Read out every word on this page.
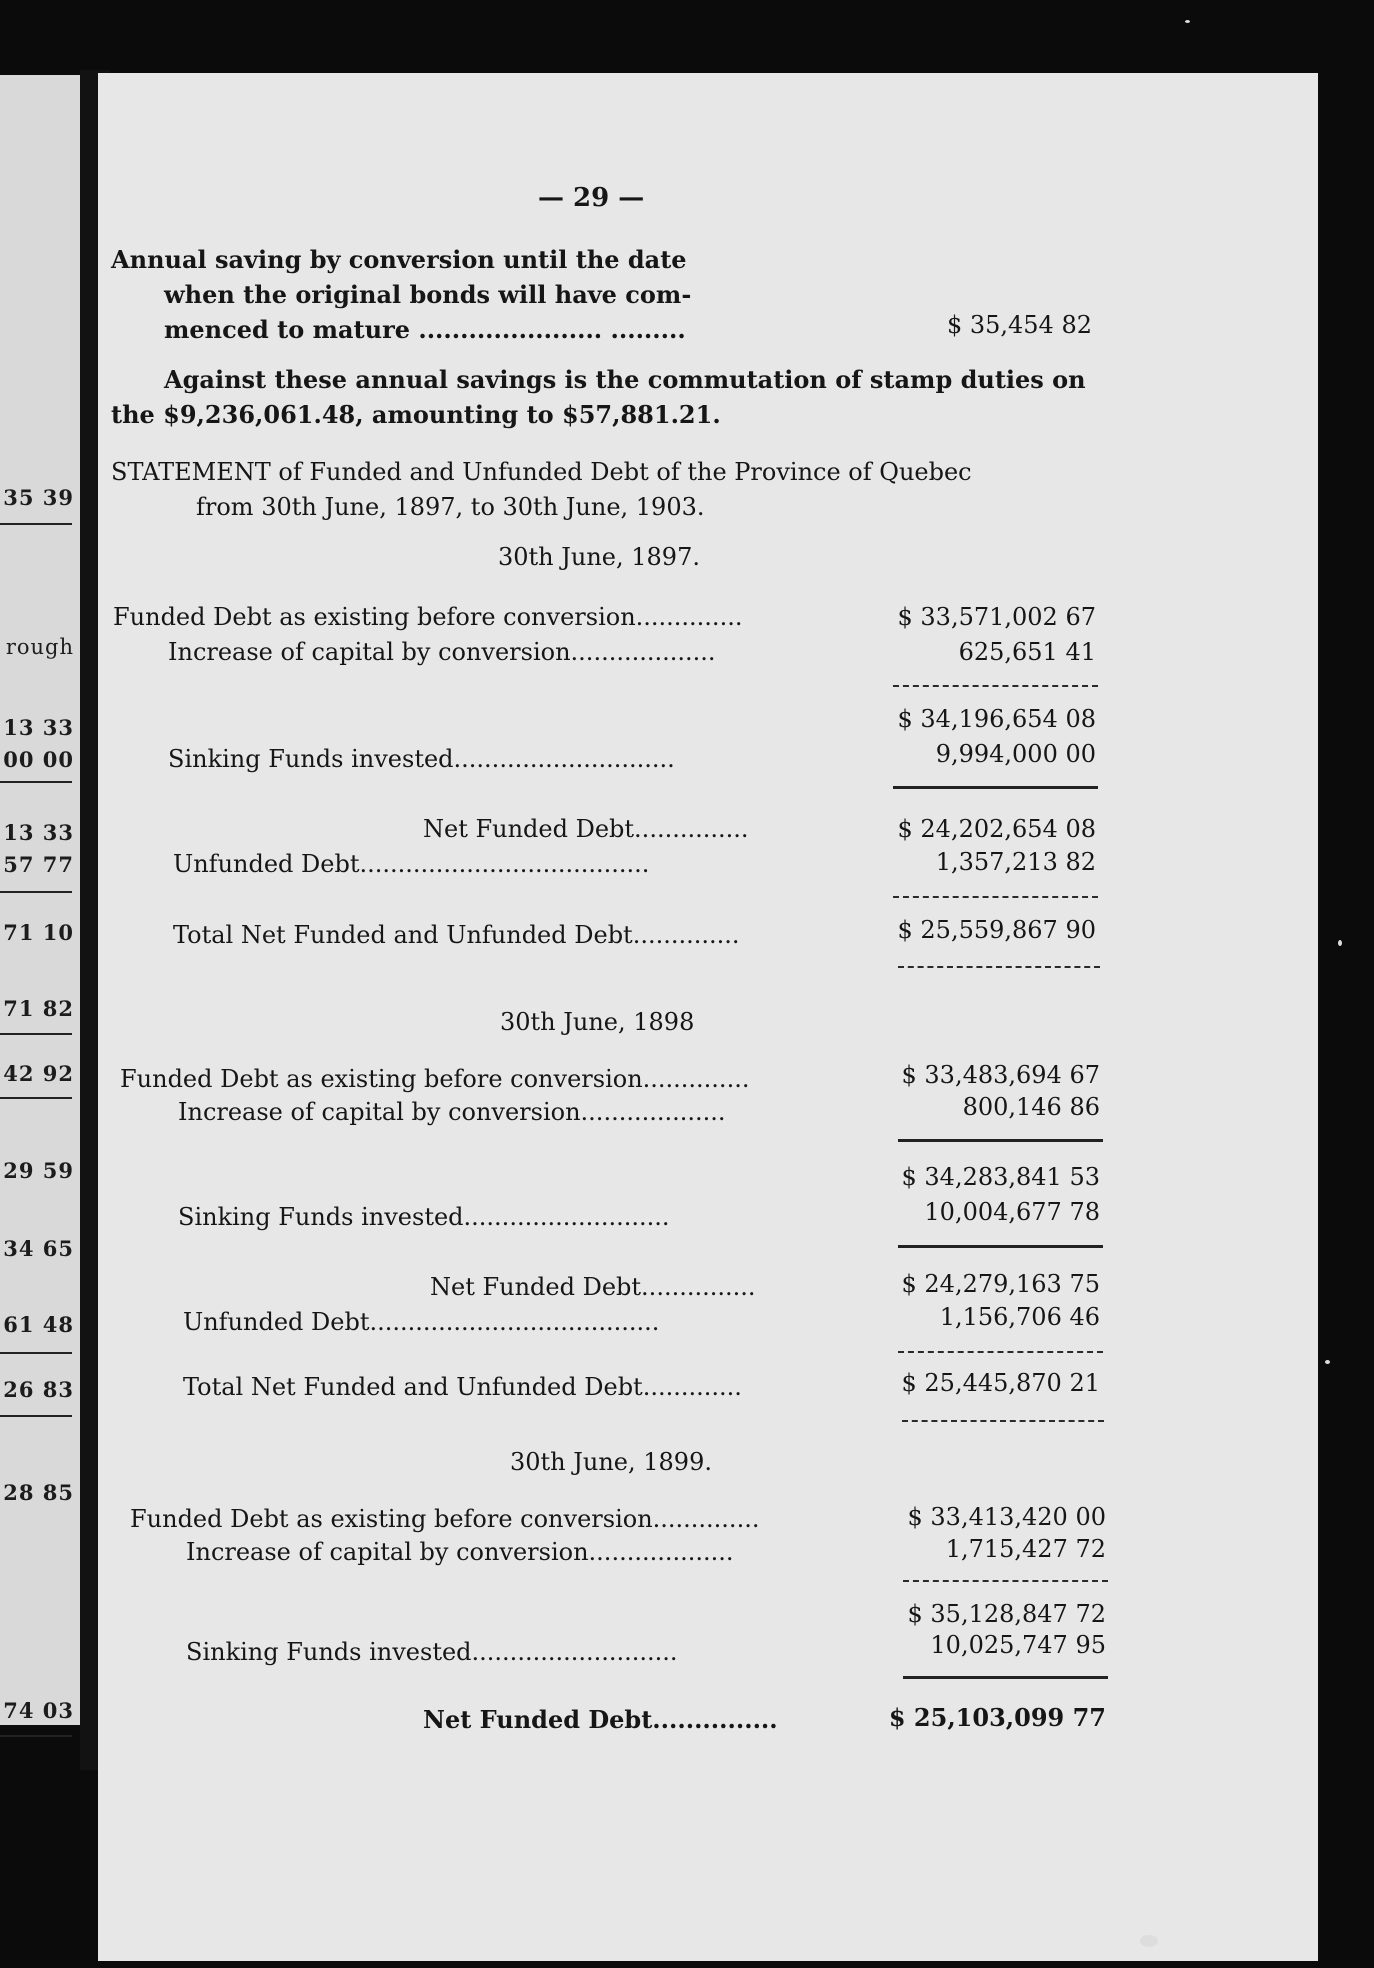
35 39
rough
13 33
00 00
13 33
57 77
71 10
71 82
42 92
29 59
34 65
61 48
26 83
28 85
74 03
— 29 —
Annual saving by conversion until the date
when the original bonds will have com-
menced to mature ...................... .........	$ 35,454 82
Against these annual savings is the commutation of stamp duties on
the $9,236,061.48, amounting to $57,881.21.
STATEMENT of Funded and Unfunded Debt of the Province of Quebec
from 30th June, 1897, to 30th June, 1903.
30th June, 1897.
Funded Debt as existing before conversion..............	$ 33,571,002 67
Increase of capital by conversion...................	625,651 41
$ 34,196,654 08
Sinking Funds invested.............................	9,994,000 00
Net Funded Debt...............	$ 24,202,654 08
Unfunded Debt......................................	1,357,213 82
Total Net Funded and Unfunded Debt..............	$ 25,559,867 90
30th June, 1898
Funded Debt as existing before conversion..............	$ 33,483,694 67
Increase of capital by conversion...................	800,146 86
$ 34,283,841 53
Sinking Funds invested...........................	10,004,677 78
Net Funded Debt...............	$ 24,279,163 75
Unfunded Debt......................................	1,156,706 46
Total Net Funded and Unfunded Debt.............	$ 25,445,870 21
30th June, 1899.
Funded Debt as existing before conversion..............	$ 33,413,420 00
Increase of capital by conversion...................	1,715,427 72
$ 35,128,847 72
Sinking Funds invested...........................	10,025,747 95
Net Funded Debt...............	$ 25,103,099 77
